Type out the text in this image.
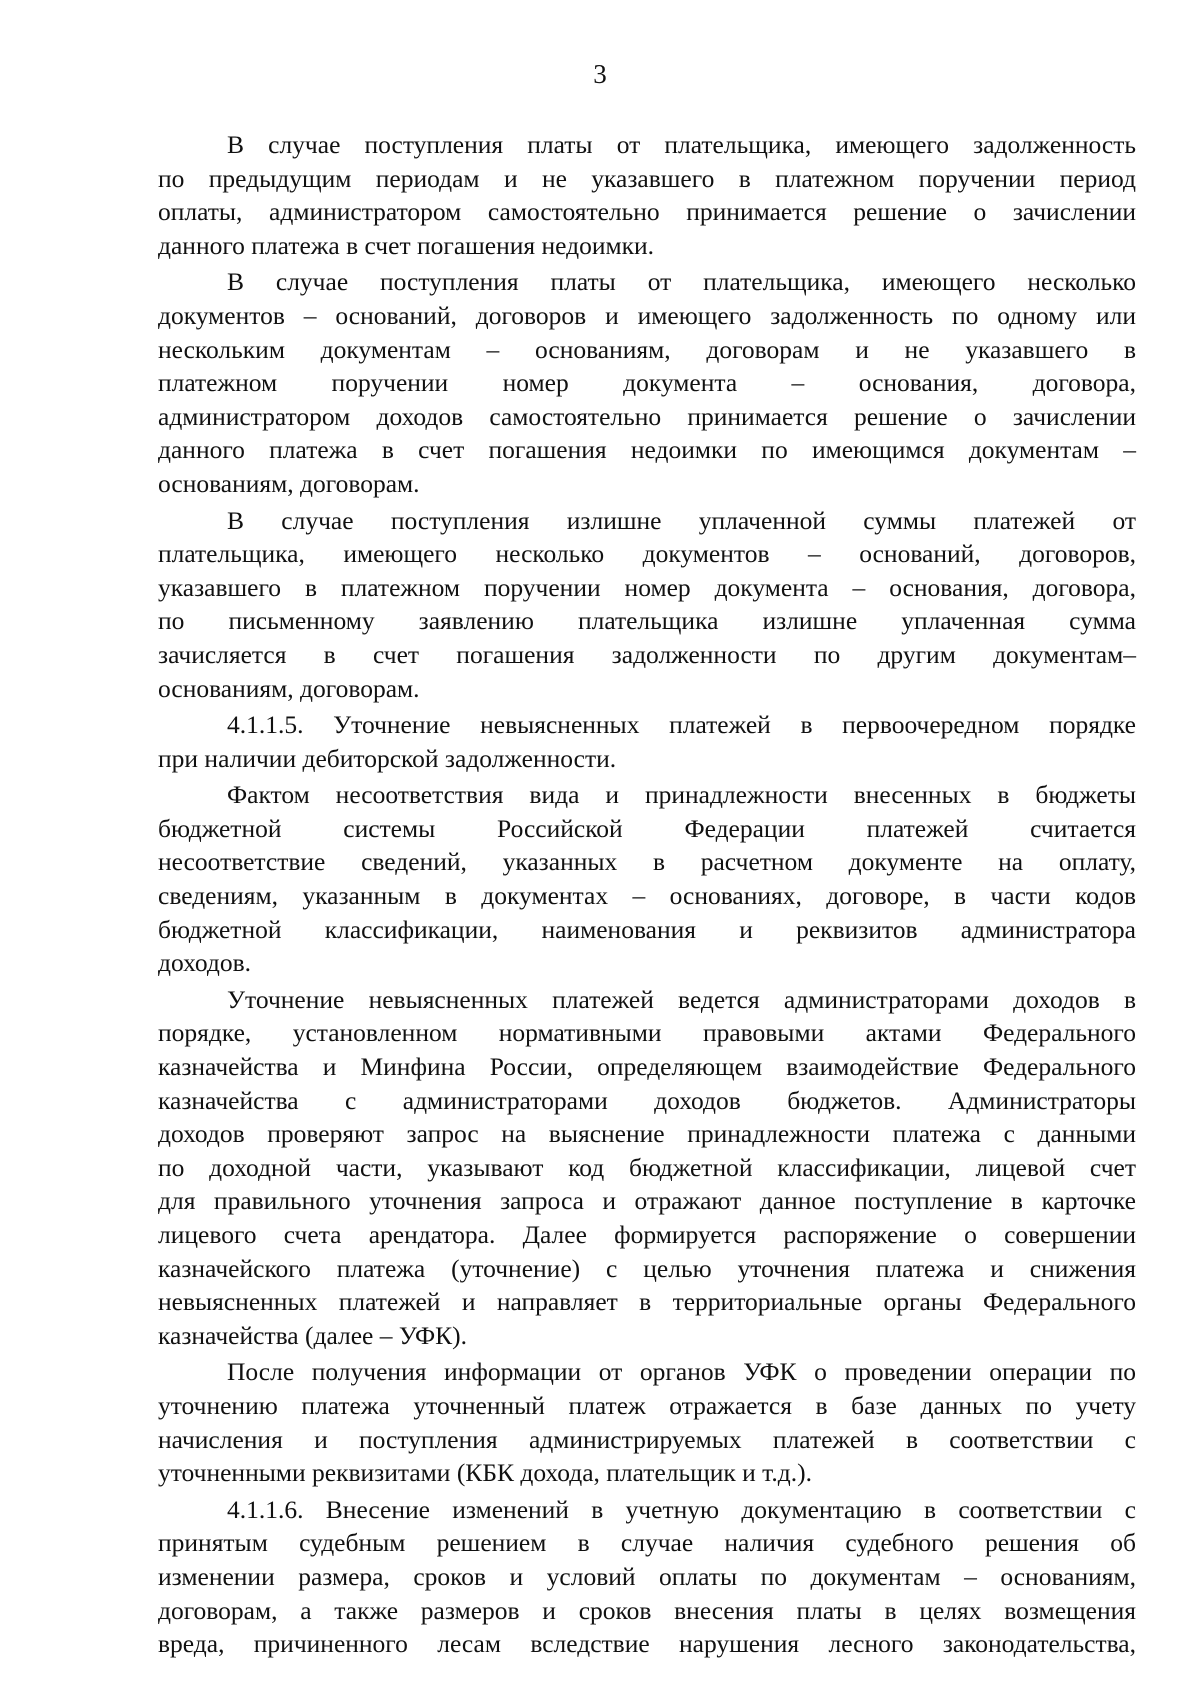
3
В случае поступления платы от плательщика, имеющего задолженность
по предыдущим периодам и не указавшего в платежном поручении период
оплаты, администратором самостоятельно принимается решение о зачислении
данного платежа в счет погашения недоимки.
В случае поступления платы от плательщика, имеющего несколько
документов – оснований, договоров и имеющего задолженность по одному или
нескольким документам – основаниям, договорам и не указавшего в
платежном поручении номер документа – основания, договора,
администратором доходов самостоятельно принимается решение о зачислении
данного платежа в счет погашения недоимки по имеющимся документам –
основаниям, договорам.
В случае поступления излишне уплаченной суммы платежей от
плательщика, имеющего несколько документов – оснований, договоров,
указавшего в платежном поручении номер документа – основания, договора,
по письменному заявлению плательщика излишне уплаченная сумма
зачисляется в счет погашения задолженности по другим документам–
основаниям, договорам.
4.1.1.5. Уточнение невыясненных платежей в первоочередном порядке
при наличии дебиторской задолженности.
Фактом несоответствия вида и принадлежности внесенных в бюджеты
бюджетной системы Российской Федерации платежей считается
несоответствие сведений, указанных в расчетном документе на оплату,
сведениям, указанным в документах – основаниях, договоре, в части кодов
бюджетной классификации, наименования и реквизитов администратора
доходов.
Уточнение невыясненных платежей ведется администраторами доходов в
порядке, установленном нормативными правовыми актами Федерального
казначейства и Минфина России, определяющем взаимодействие Федерального
казначейства с администраторами доходов бюджетов. Администраторы
доходов проверяют запрос на выяснение принадлежности платежа с данными
по доходной части, указывают код бюджетной классификации, лицевой счет
для правильного уточнения запроса и отражают данное поступление в карточке
лицевого счета арендатора. Далее формируется распоряжение о совершении
казначейского платежа (уточнение) с целью уточнения платежа и снижения
невыясненных платежей и направляет в территориальные органы Федерального
казначейства (далее – УФК).
После получения информации от органов УФК о проведении операции по
уточнению платежа уточненный платеж отражается в базе данных по учету
начисления и поступления администрируемых платежей в соответствии с
уточненными реквизитами (КБК дохода, плательщик и т.д.).
4.1.1.6. Внесение изменений в учетную документацию в соответствии с
принятым судебным решением в случае наличия судебного решения об
изменении размера, сроков и условий оплаты по документам – основаниям,
договорам, а также размеров и сроков внесения платы в целях возмещения
вреда, причиненного лесам вследствие нарушения лесного законодательства,
